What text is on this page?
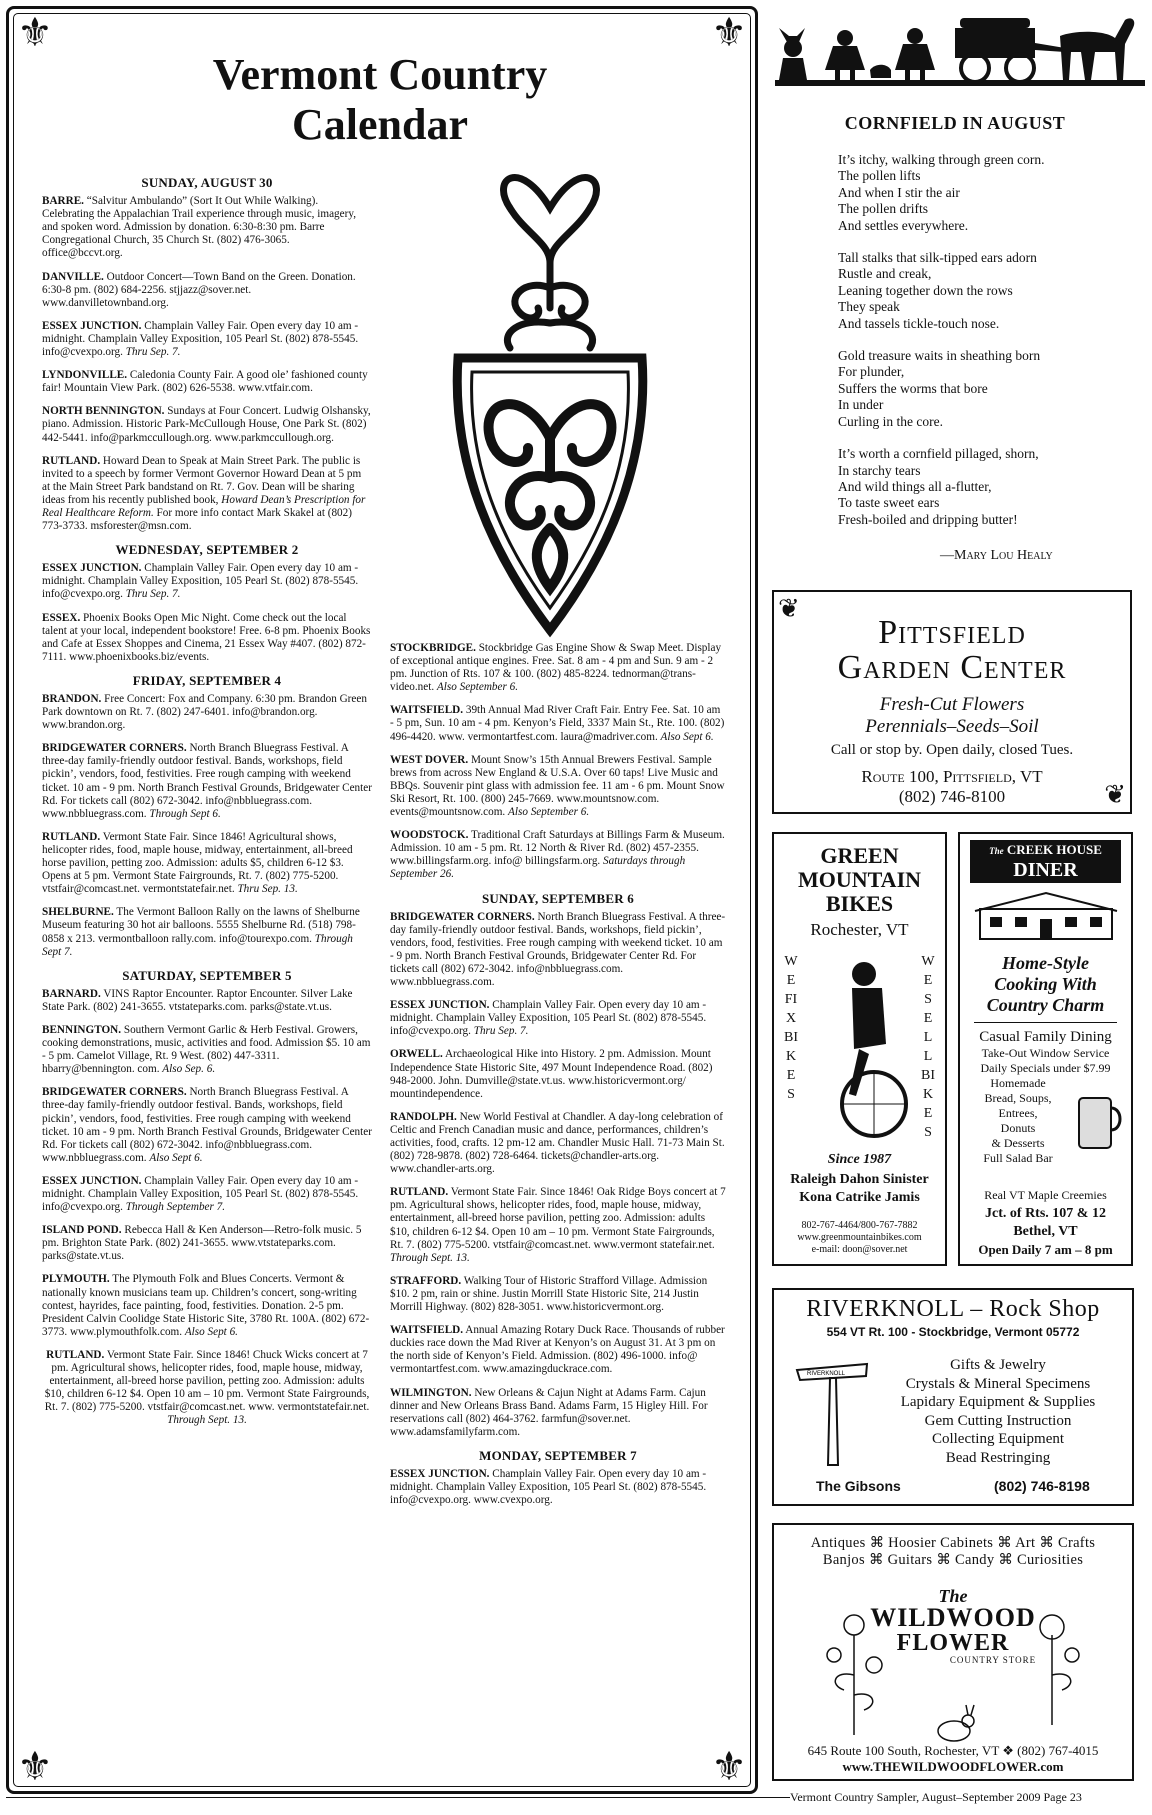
⚜	⚜
⚜	⚜
Vermont Country
Calendar
SUNDAY, AUGUST 30

BARRE. “Salvitur Ambulando” (Sort It Out While Walking). Celebrating the Appalachian Trail experience through music, imagery, and spoken word. Admission by donation. 6:30-8:30 pm. Barre Congregational Church, 35 Church St. (802) 476-3065. office@bccvt.org.

DANVILLE. Outdoor Concert—Town Band on the Green. Donation. 6:30-8 pm. (802) 684-2256. stjjazz@sover.net. www.danvilletownband.org.

ESSEX JUNCTION. Champlain Valley Fair. Open every day 10 am - midnight. Champlain Valley Exposition, 105 Pearl St. (802) 878-5545. info@cvexpo.org. Thru Sep. 7.

LYNDONVILLE. Caledonia County Fair. A good ole’ fashioned county fair! Mountain View Park. (802) 626-5538. www.vtfair.com.

NORTH BENNINGTON. Sundays at Four Concert. Ludwig Olshansky, piano. Admission. Historic Park-McCullough House, One Park St. (802) 442-5441. info@parkmccullough.org. www.parkmccullough.org.

RUTLAND. Howard Dean to Speak at Main Street Park. The public is invited to a speech by former Vermont Governor Howard Dean at 5 pm at the Main Street Park bandstand on Rt. 7. Gov. Dean will be sharing ideas from his recently published book, Howard Dean’s Prescription for Real Healthcare Reform. For more info contact Mark Skakel at (802) 773-3733. msforester@msn.com.

WEDNESDAY, SEPTEMBER 2

ESSEX JUNCTION. Champlain Valley Fair. Open every day 10 am - midnight. Champlain Valley Exposition, 105 Pearl St. (802) 878-5545. info@cvexpo.org. Thru Sep. 7.

ESSEX. Phoenix Books Open Mic Night. Come check out the local talent at your local, independent bookstore! Free. 6-8 pm. Phoenix Books and Cafe at Essex Shoppes and Cinema, 21 Essex Way #407. (802) 872-7111. www.phoenixbooks.biz/events.

FRIDAY, SEPTEMBER 4

BRANDON. Free Concert: Fox and Company. 6:30 pm. Brandon Green Park downtown on Rt. 7. (802) 247-6401. info@brandon.org. www.brandon.org.

BRIDGEWATER CORNERS. North Branch Bluegrass Festival. A three-day family-friendly outdoor festival. Bands, workshops, field pickin’, vendors, food, festivities. Free rough camping with weekend ticket. 10 am - 9 pm. North Branch Festival Grounds, Bridgewater Center Rd. For tickets call (802) 672-3042. info@nbbluegrass.com. www.nbbluegrass.com. Through Sept 6.

RUTLAND. Vermont State Fair. Since 1846! Agricultural shows, helicopter rides, food, maple house, midway, entertainment, all-breed horse pavilion, petting zoo. Admission: adults $5, children 6-12 $3. Opens at 5 pm. Vermont State Fairgrounds, Rt. 7. (802) 775-5200. vtstfair@comcast.net. vermontstatefair.net. Thru Sep. 13.

SHELBURNE. The Vermont Balloon Rally on the lawns of Shelburne Museum featuring 30 hot air balloons. 5555 Shelburne Rd. (518) 798-0858 x 213. vermontballoon rally.com. info@tourexpo.com. Through Sept 7.

SATURDAY, SEPTEMBER 5

BARNARD. VINS Raptor Encounter. Raptor Encounter. Silver Lake State Park. (802) 241-3655. vtstateparks.com. parks@state.vt.us.

BENNINGTON. Southern Vermont Garlic & Herb Festival. Growers, cooking demonstrations, music, activities and food. Admission $5. 10 am - 5 pm. Camelot Village, Rt. 9 West. (802) 447-3311. hbarry@bennington. com. Also Sep. 6.

BRIDGEWATER CORNERS. North Branch Bluegrass Festival. A three-day family-friendly outdoor festival. Bands, workshops, field pickin’, vendors, food, festivities. Free rough camping with weekend ticket. 10 am - 9 pm. North Branch Festival Grounds, Bridgewater Center Rd. For tickets call (802) 672-3042. info@nbbluegrass.com. www.nbbluegrass.com. Also Sept 6.

ESSEX JUNCTION. Champlain Valley Fair. Open every day 10 am - midnight. Champlain Valley Exposition, 105 Pearl St. (802) 878-5545. info@cvexpo.org. Through September 7.

ISLAND POND. Rebecca Hall & Ken Anderson—Retro-folk music. 5 pm. Brighton State Park. (802) 241-3655. www.vtstateparks.com. parks@state.vt.us.

PLYMOUTH. The Plymouth Folk and Blues Concerts. Vermont & nationally known musicians team up. Children’s concert, song-writing contest, hayrides, face painting, food, festivities. Donation. 2-5 pm. President Calvin Coolidge State Historic Site, 3780 Rt. 100A. (802) 672-3773. www.plymouthfolk.com. Also Sept 6.

RUTLAND. Vermont State Fair. Since 1846! Chuck Wicks concert at 7 pm. Agricultural shows, helicopter rides, food, maple house, midway, entertainment, all-breed horse pavilion, petting zoo. Admission: adults $10, children 6-12 $4. Open 10 am – 10 pm. Vermont State Fairgrounds, Rt. 7. (802) 775-5200. vtstfair@comcast.net. www. vermontstatefair.net. Through Sept. 13.

STOCKBRIDGE. Stockbridge Gas Engine Show & Swap Meet. Display of exceptional antique engines. Free. Sat. 8 am - 4 pm and Sun. 9 am - 2 pm. Junction of Rts. 107 & 100. (802) 485-8224. tednorman@trans-video.net. Also September 6.

WAITSFIELD. 39th Annual Mad River Craft Fair. Entry Fee. Sat. 10 am - 5 pm, Sun. 10 am - 4 pm. Kenyon’s Field, 3337 Main St., Rte. 100. (802) 496-4420. www. vermontartfest.com. laura@madriver.com. Also Sept 6.

WEST DOVER. Mount Snow’s 15th Annual Brewers Festival. Sample brews from across New England & U.S.A. Over 60 taps! Live Music and BBQs. Souvenir pint glass with admission fee. 11 am - 6 pm. Mount Snow Ski Resort, Rt. 100. (800) 245-7669. www.mountsnow.com. events@mountsnow.com. Also September 6.

WOODSTOCK. Traditional Craft Saturdays at Billings Farm & Museum. Admission. 10 am - 5 pm. Rt. 12 North & River Rd. (802) 457-2355. www.billingsfarm.org. info@ billingsfarm.org. Saturdays through September 26.

SUNDAY, SEPTEMBER 6

BRIDGEWATER CORNERS. North Branch Bluegrass Festival. A three-day family-friendly outdoor festival. Bands, workshops, field pickin’, vendors, food, festivities. Free rough camping with weekend ticket. 10 am - 9 pm. North Branch Festival Grounds, Bridgewater Center Rd. For tickets call (802) 672-3042. info@nbbluegrass.com. www.nbbluegrass.com.

ESSEX JUNCTION. Champlain Valley Fair. Open every day 10 am - midnight. Champlain Valley Exposition, 105 Pearl St. (802) 878-5545. info@cvexpo.org. Thru Sep. 7.

ORWELL. Archaeological Hike into History. 2 pm. Admission. Mount Independence State Historic Site, 497 Mount Independence Road. (802) 948-2000. John. Dumville@state.vt.us. www.historicvermont.org/ mountindependence.

RANDOLPH. New World Festival at Chandler. A day-long celebration of Celtic and French Canadian music and dance, performances, children’s activities, food, crafts. 12 pm-12 am. Chandler Music Hall. 71-73 Main St. (802) 728-9878. (802) 728-6464. tickets@chandler-arts.org. www.chandler-arts.org.

RUTLAND. Vermont State Fair. Since 1846! Oak Ridge Boys concert at 7 pm. Agricultural shows, helicopter rides, food, maple house, midway, entertainment, all-breed horse pavilion, petting zoo. Admission: adults $10, children 6-12 $4. Open 10 am – 10 pm. Vermont State Fairgrounds, Rt. 7. (802) 775-5200. vtstfair@comcast.net. www.vermont statefair.net. Through Sept. 13.

STRAFFORD. Walking Tour of Historic Strafford Village. Admission $10. 2 pm, rain or shine. Justin Morrill State Historic Site, 214 Justin Morrill Highway. (802) 828-3051. www.historicvermont.org.

WAITSFIELD. Annual Amazing Rotary Duck Race. Thousands of rubber duckies race down the Mad River at Kenyon’s on August 31. At 3 pm on the north side of Kenyon’s Field. Admission. (802) 496-1000. info@ vermontartfest.com. www.amazingduckrace.com.

WILMINGTON. New Orleans & Cajun Night at Adams Farm. Cajun dinner and New Orleans Brass Band. Adams Farm, 15 Higley Hill. For reservations call (802) 464-3762. farmfun@sover.net. www.adamsfamilyfarm.com.

MONDAY, SEPTEMBER 7

ESSEX JUNCTION. Champlain Valley Fair. Open every day 10 am - midnight. Champlain Valley Exposition, 105 Pearl St. (802) 878-5545. info@cvexpo.org. www.cvexpo.org.

CORNFIELD IN AUGUST

It’s itchy, walking through green corn.
The pollen lifts
And when I stir the air
The pollen drifts
And settles everywhere.

Tall stalks that silk-tipped ears adorn
Rustle and creak,
Leaning together down the rows
They speak
And tassels tickle-touch nose.

Gold treasure waits in sheathing born
For plunder,
Suffers the worms that bore
In under
Curling in the core.

It’s worth a cornfield pillaged, shorn,
In starchy tears
And wild things all a-flutter,
To taste sweet ears
Fresh-boiled and dripping butter!

—Mary Lou Healy
❦
❦
Pittsfield
Garden Center
Fresh-Cut Flowers
Perennials–Seeds–Soil
Call or stop by. Open daily, closed Tues.
Route 100, Pittsfield, VT
(802) 746-8100
GREEN
MOUNTAIN
BIKES
Rochester, VT
WE FIX BIKES
WE SELL BIKES
Since 1987
Raleigh Dahon Sinister
Kona Catrike Jamis
802-767-4464/800-767-7882
www.greenmountainbikes.com
e-mail: doon@sover.net
The CREEK HOUSE
DINER
Home-Style
Cooking With
Country Charm
Casual Family Dining
Take-Out Window Service
Daily Specials under $7.99
Homemade
Bread, Soups,
Entrees,
Donuts
& Desserts
Full Salad Bar
Real VT Maple Creemies
Jct. of Rts. 107 & 12
Bethel, VT
Open Daily 7 am – 8 pm
RIVERKNOLL – Rock Shop
554 VT Rt. 100 - Stockbridge, Vermont 05772
RIVERKNOLL
Gifts & Jewelry
Crystals & Mineral Specimens
Lapidary Equipment & Supplies
Gem Cutting Instruction
Collecting Equipment
Bead Restringing
The Gibsons	(802) 746-8198
Antiques ⌘ Hoosier Cabinets ⌘ Art ⌘ Crafts
Banjos ⌘ Guitars ⌘ Candy ⌘ Curiosities
The
WILDWOOD
FLOWER
COUNTRY STORE
645 Route 100 South, Rochester, VT ❖ (802) 767-4015
www.THEWILDWOODFLOWER.com
Vermont Country Sampler, August–September 2009 Page 23
